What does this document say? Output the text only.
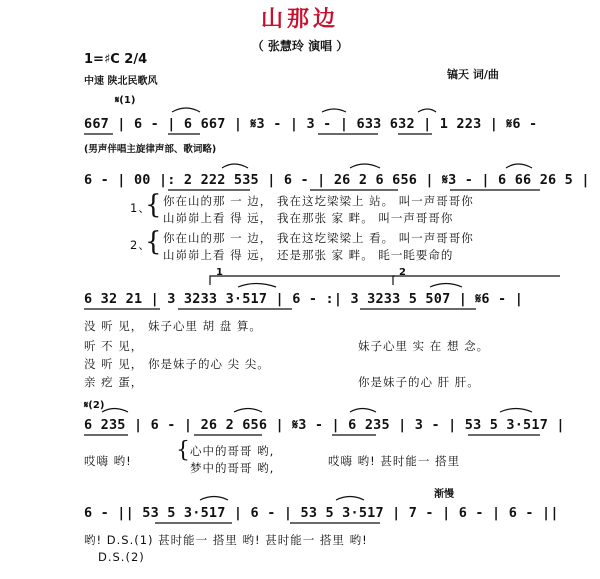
山那边
（ 张慧玲 演唱 ）
1=♯C 2/4
中速 陕北民歌风
镐天 词/曲
𝄋(1)
667 | 6 - | 6 667 | 𝄋3 - | 3 - | 633 632 | 1 223 | 𝄋6 -
(男声伴唱主旋律声部、歌词略)
6 - | 00 |: 2 222 535 | 6 - | 26 2 6 656 | 𝄋3 - | 6 66 26 5 |
1、
{ 你在山的那 一 边， 我在这圪梁梁上 站。 叫一声哥哥你
山峁峁上看 得 远， 我在那张 家 畔。 叫一声哥哥你
2、
{ 你在山的那 一 边， 我在这圪梁梁上 看。 叫一声哥哥你
山峁峁上看 得 远， 还是那张 家 畔。 眊一眊要命的
1	2
6 32 21 | 3 3233 3·517 | 6 - :| 3 3233 5 507 | 𝄋6 - |
没 听 见， 妹子心里 胡 盘 算。
听 不 见，	妹子心里 实 在 想 念。
没 听 见， 你是妹子的心 尖 尖。
亲 疙 蛋，	你是妹子的心 肝 肝。
𝄋(2)
6 235 | 6 - | 26 2 656 | 𝄋3 - | 6 235 | 3 - | 53 5 3·517 |
哎嗨 哟! { 心中的哥哥 哟,
梦中的哥哥 哟,	哎嗨 哟! 甚时能一 搭里
渐慢
6 - || 53 5 3·517 | 6 - | 53 5 3·517 | 7 - | 6 - | 6 - ||
哟! D.S.(1) 甚时能一 搭里 哟! 甚时能一 搭里 哟!
D.S.(2)
